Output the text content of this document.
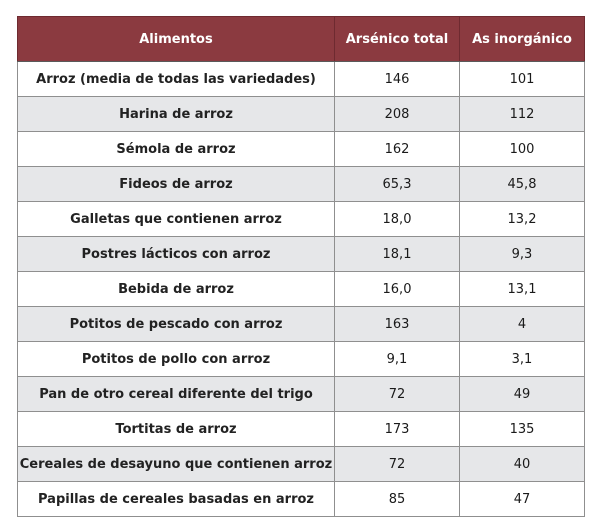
Alimentos	Arsénico total	As inorgánico
Arroz (media de todas las variedades)	146	101
Harina de arroz	208	112
Sémola de arroz	162	100
Fideos de arroz	65,3	45,8
Galletas que contienen arroz	18,0	13,2
Postres lácticos con arroz	18,1	9,3
Bebida de arroz	16,0	13,1
Potitos de pescado con arroz	163	4
Potitos de pollo con arroz	9,1	3,1
Pan de otro cereal diferente del trigo	72	49
Tortitas de arroz	173	135
Cereales de desayuno que contienen arroz	72	40
Papillas de cereales basadas en arroz	85	47
